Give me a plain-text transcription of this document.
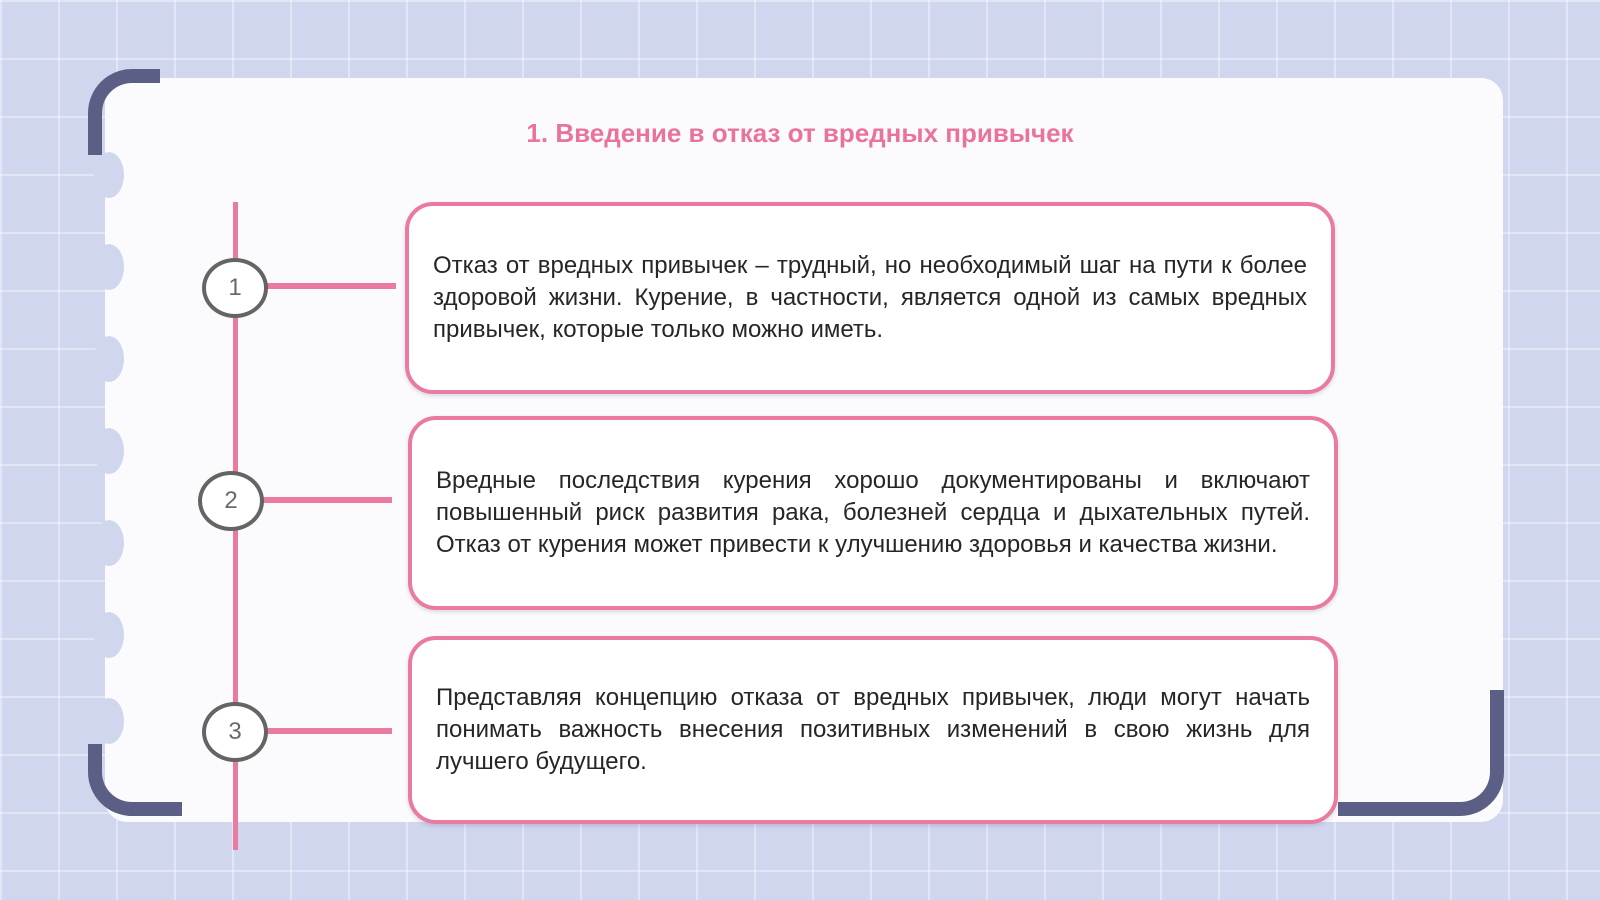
1. Введение в отказ от вредных привычек
1
2
3

Отказ от вредных привычек – трудный, но необходимый шаг на пути к более здоровой жизни. Курение, в частности, является одной из самых вредных привычек, которые только можно иметь.

Вредные последствия курения хорошо документированы и включают повышенный риск развития рака, болезней сердца и дыхательных путей. Отказ от курения может привести к улучшению здоровья и качества жизни.

Представляя концепцию отказа от вредных привычек, люди могут начать понимать важность внесения позитивных изменений в свою жизнь для лучшего будущего.
